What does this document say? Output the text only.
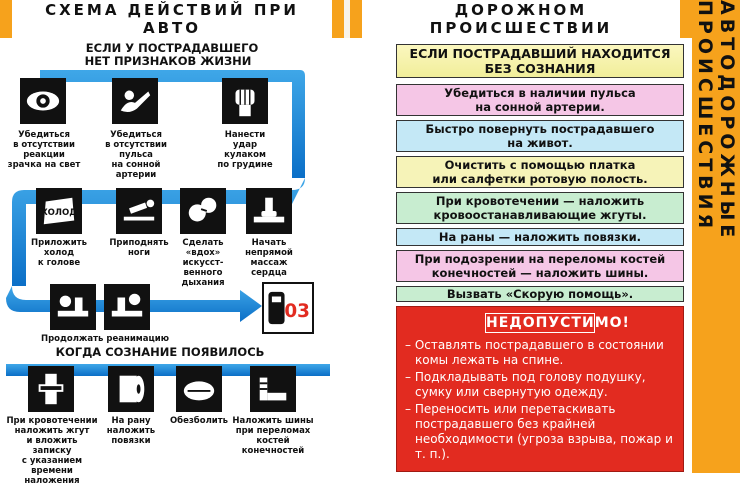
СХЕМА ДЕЙСТВИЙ ПРИ АВТО
ДОРОЖНОМ ПРОИСШЕСТВИИ	АВТОДОРОЖНЫЕ ПРОИСШЕСТВИЯ
ЕСЛИ У ПОСТРАДАВШЕГО
НЕТ ПРИЗНАКОВ ЖИЗНИ
Убедиться
в отсутствии
реакции
зрачка на свет
Убедиться
в отсутствии
пульса
на сонной артерии
Нанести
удар
кулаком
по грудине
ХОЛОД
Приложить
холод
к голове
Приподнять
ноги
Сделать
«вдох»
искусст-
венного
дыхания
Начать
непрямой
массаж
сердца
Продолжать реанимацию
03
КОГДА СОЗНАНИЕ ПОЯВИЛОСЬ
При кровотечении
наложить жгут
и вложить записку
с указанием
времени наложения
На рану
наложить
повязки
Обезболить Наложить шины
при переломах
костей
конечностей
ЕСЛИ ПОСТРАДАВШИЙ НАХОДИТСЯ
БЕЗ СОЗНАНИЯ
Убедиться в наличии пульса
на сонной артерии.
Быстро повернуть пострадавшего
на живот.
Очистить с помощью платка
или салфетки ротовую полость.
При кровотечении — наложить
кровоостанавливающие жгуты.
На раны — наложить повязки.
При подозрении на переломы костей
конечностей — наложить шины.
Вызвать «Скорую помощь».
НЕДОПУСТИМО!
– Оставлять пострадавшего в состоянии комы лежать на спине.
– Подкладывать под голову подушку, сумку или свернутую одежду.
– Переносить или перетаскивать пострадавшего без крайней необходимости (угроза взрыва, пожар и т. п.).
